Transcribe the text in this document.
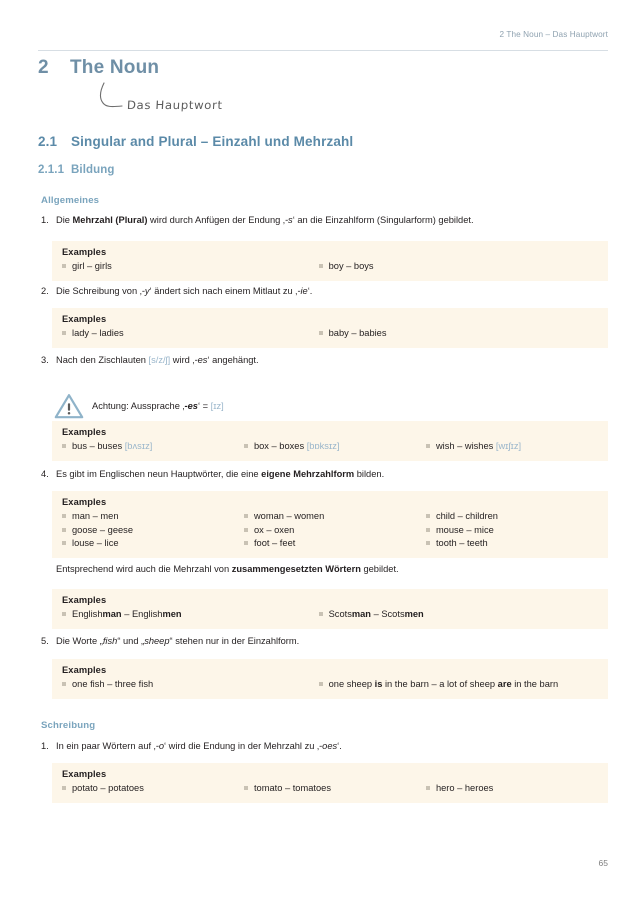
2 The Noun – Das Hauptwort
2	The Noun
Das Hauptwort
2.1	Singular and Plural – Einzahl und Mehrzahl
2.1.1 Bildung
Allgemeines
1. Die Mehrzahl (Plural) wird durch Anfügen der Endung ‚-s‘ an die Einzahlform (Singularform) gebildet.
Examples
girl – girls	boy – boys
2. Die Schreibung von ‚-y‘ ändert sich nach einem Mitlaut zu ‚-ie‘.
Examples
lady – ladies	baby – babies
3. Nach den Zischlauten [s/z/ʃ] wird ‚-es‘ angehängt.
Achtung: Aussprache ‚-es‘ = [ɪz]
Examples
bus – buses [bʌsɪz]	box – boxes [bɒksɪz]	wish – wishes [wɪʃɪz]
4. Es gibt im Englischen neun Hauptwörter, die eine eigene Mehrzahlform bilden.
Examples
man – men	woman – women	child – children
goose – geese	ox – oxen	mouse – mice
louse – lice	foot – feet	tooth – teeth
Entsprechend wird auch die Mehrzahl von zusammengesetzten Wörtern gebildet.
Examples
Englishman – Englishmen	Scotsman – Scotsmen
5. Die Worte „fish“ und „sheep“ stehen nur in der Einzahlform.
Examples
one fish – three fish	one sheep is in the barn – a lot of sheep are in the barn
Schreibung
1. In ein paar Wörtern auf ‚-o‘ wird die Endung in der Mehrzahl zu ‚-oes‘.
Examples
potato – potatoes	tomato – tomatoes	hero – heroes
65
